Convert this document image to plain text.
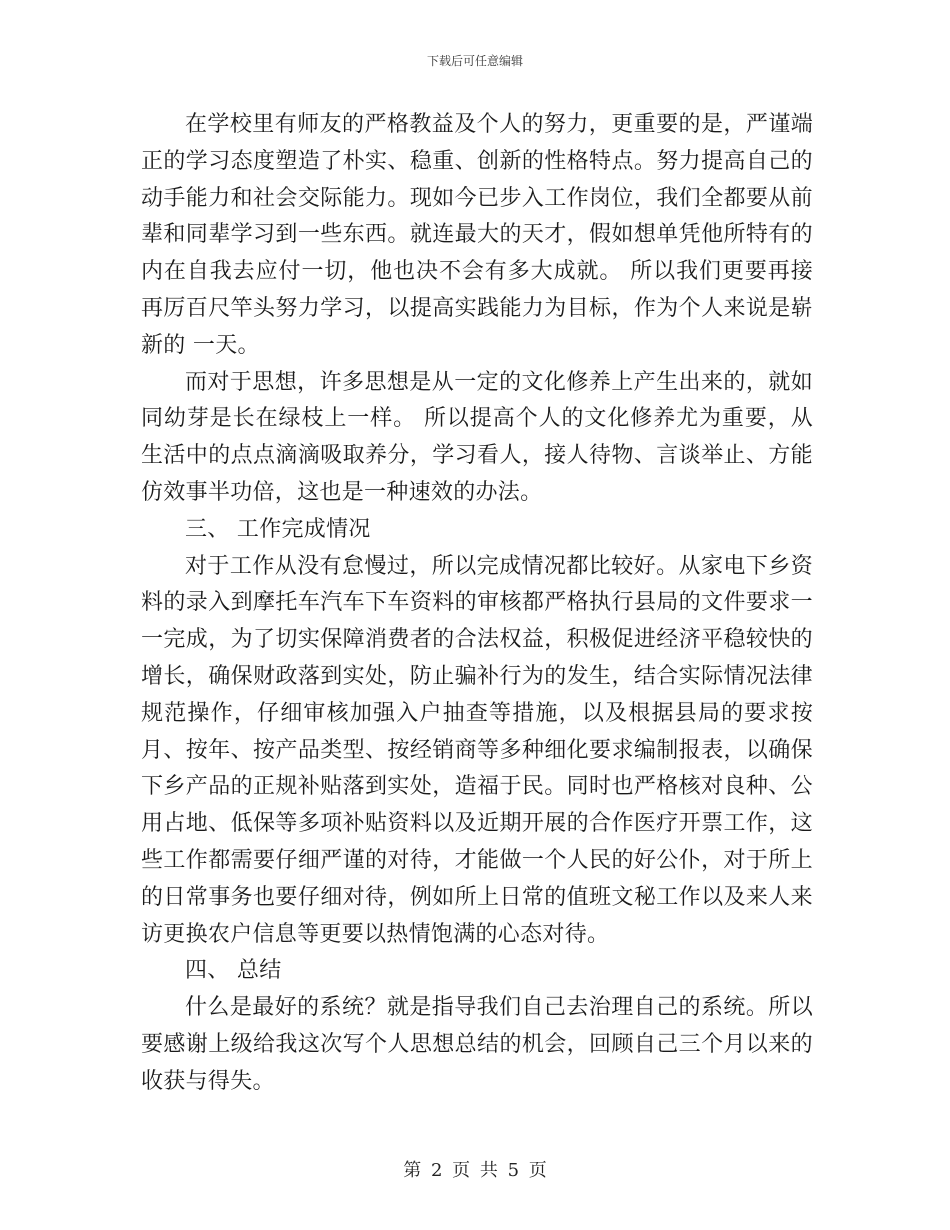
下载后可任意编辑

在学校里有师友的严格教益及个人的努力，更重要的是，严谨端正的学习态度塑造了朴实、稳重、创新的性格特点。努力提高自己的动手能力和社会交际能力。现如今已步入工作岗位，我们全都要从前辈和同辈学习到一些东西。就连最大的天才，假如想单凭他所特有的内在自我去应付一切，他也决不会有多大成就。 所以我们更要再接再厉百尺竿头努力学习，以提高实践能力为目标，作为个人来说是崭新的 一天。

而对于思想，许多思想是从一定的文化修养上产生出来的，就如同幼芽是长在绿枝上一样。 所以提高个人的文化修养尤为重要，从生活中的点点滴滴吸取养分，学习看人，接人待物、言谈举止、方能仿效事半功倍，这也是一种速效的办法。

三、 工作完成情况

对于工作从没有怠慢过，所以完成情况都比较好。从家电下乡资料的录入到摩托车汽车下车资料的审核都严格执行县局的文件要求一一完成，为了切实保障消费者的合法权益，积极促进经济平稳较快的增长，确保财政落到实处，防止骗补行为的发生，结合实际情况法律规范操作，仔细审核加强入户抽查等措施，以及根据县局的要求按月、按年、按产品类型、按经销商等多种细化要求编制报表，以确保下乡产品的正规补贴落到实处，造福于民。同时也严格核对良种、公用占地、低保等多项补贴资料以及近期开展的合作医疗开票工作，这些工作都需要仔细严谨的对待，才能做一个人民的好公仆，对于所上的日常事务也要仔细对待，例如所上日常的值班文秘工作以及来人来访更换农户信息等更要以热情饱满的心态对待。

四、 总结

什么是最好的系统？就是指导我们自己去治理自己的系统。所以要感谢上级给我这次写个人思想总结的机会，回顾自己三个月以来的收获与得失。

第 2 页 共 5 页
